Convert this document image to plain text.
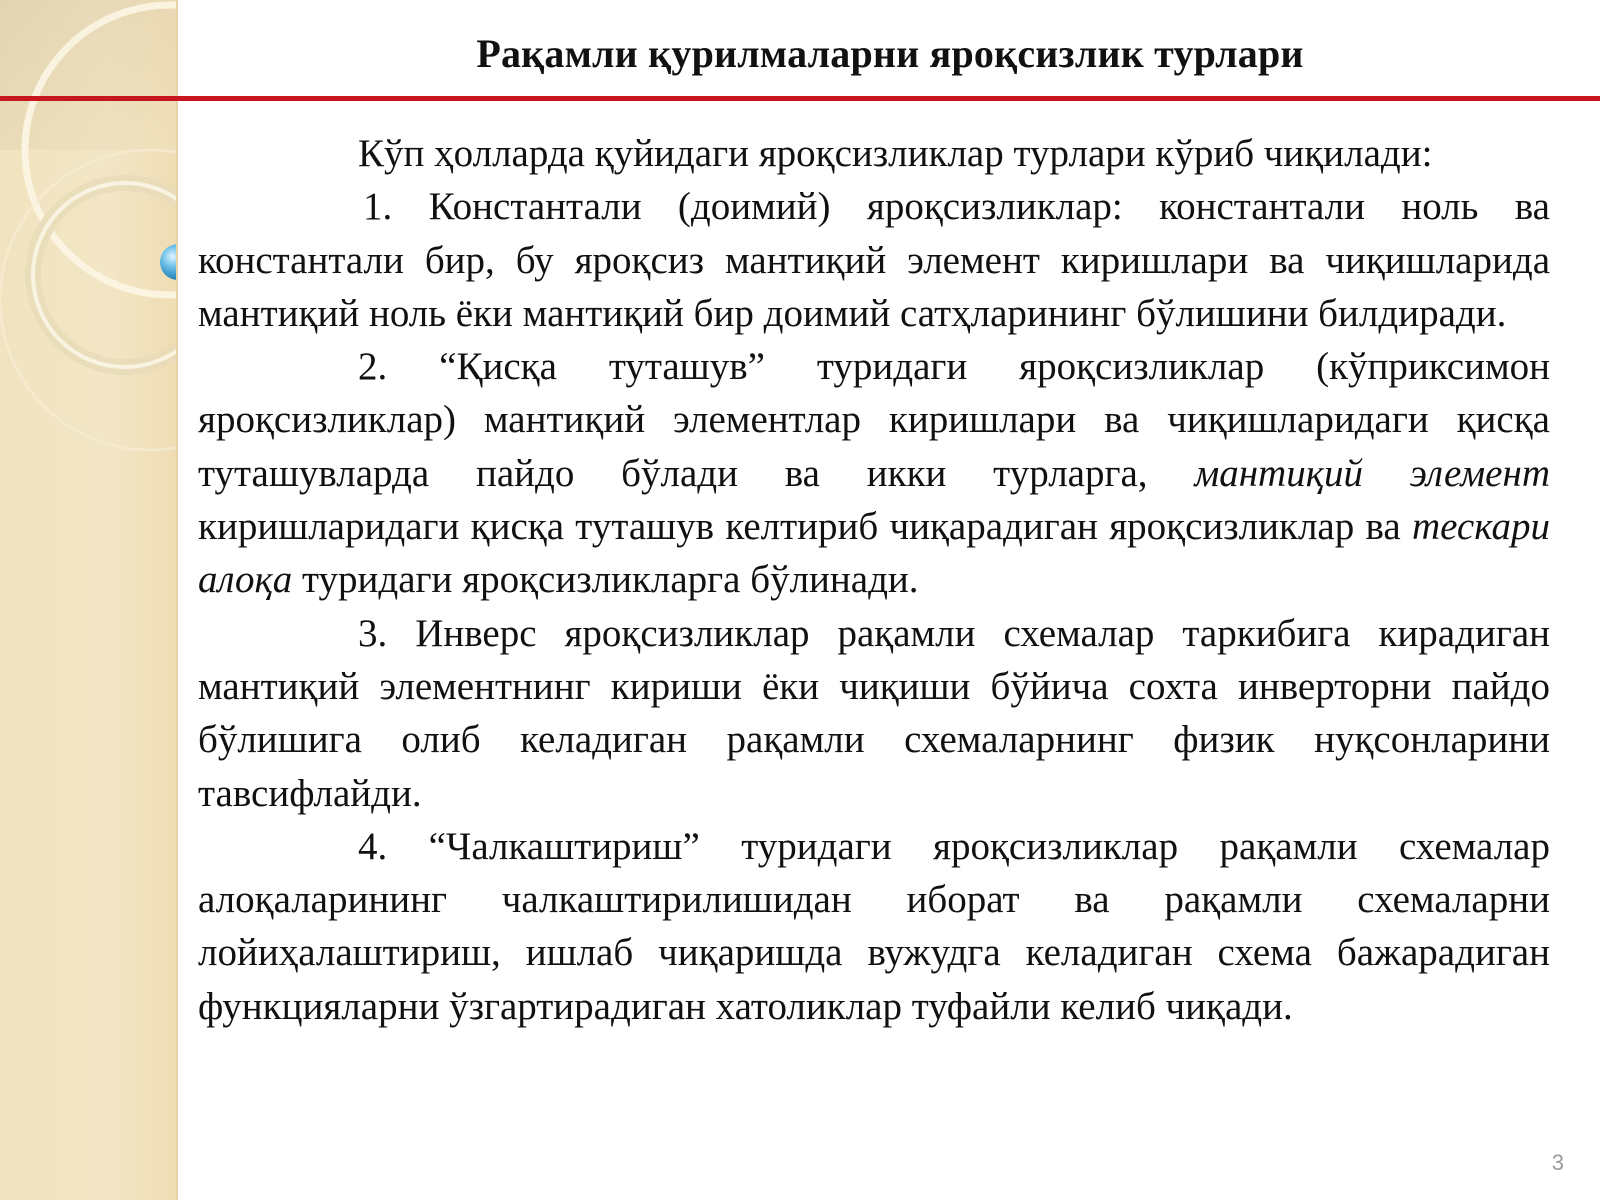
Рақамли қурилмаларни яроқсизлик турлари

Кўп ҳолларда қуйидаги яроқсизликлар турлари кўриб чиқилади:

1. Константали (доимий) яроқсизликлар: константали ноль ва константали бир, бу яроқсиз мантиқий элемент киришлари ва чиқишларида мантиқий ноль ёки мантиқий бир доимий сатҳларининг бўлишини билдиради.

2. “Қисқа туташув” туридаги яроқсизликлар (кўприксимон яроқсизликлар) мантиқий элементлар киришлари ва чиқишларидаги қисқа туташувларда пайдо бўлади ва икки турларга, мантиқий элемент киришларидаги қисқа туташув келтириб чиқарадиган яроқсизликлар ва тескари алоқа туридаги яроқсизликларга бўлинади.

3. Инверс яроқсизликлар рақамли схемалар таркибига кирадиган мантиқий элементнинг кириши ёки чиқиши бўйича сохта инверторни пайдо бўлишига олиб келадиган рақамли схемаларнинг физик нуқсонларини тавсифлайди.

4. “Чалкаштириш” туридаги яроқсизликлар рақамли схемалар алоқаларининг чалкаштирилишидан иборат ва рақамли схемаларни лойиҳалаштириш, ишлаб чиқаришда вужудга келадиган схема бажарадиган функцияларни ўзгартирадиган хатоликлар туфайли келиб чиқади.

3
